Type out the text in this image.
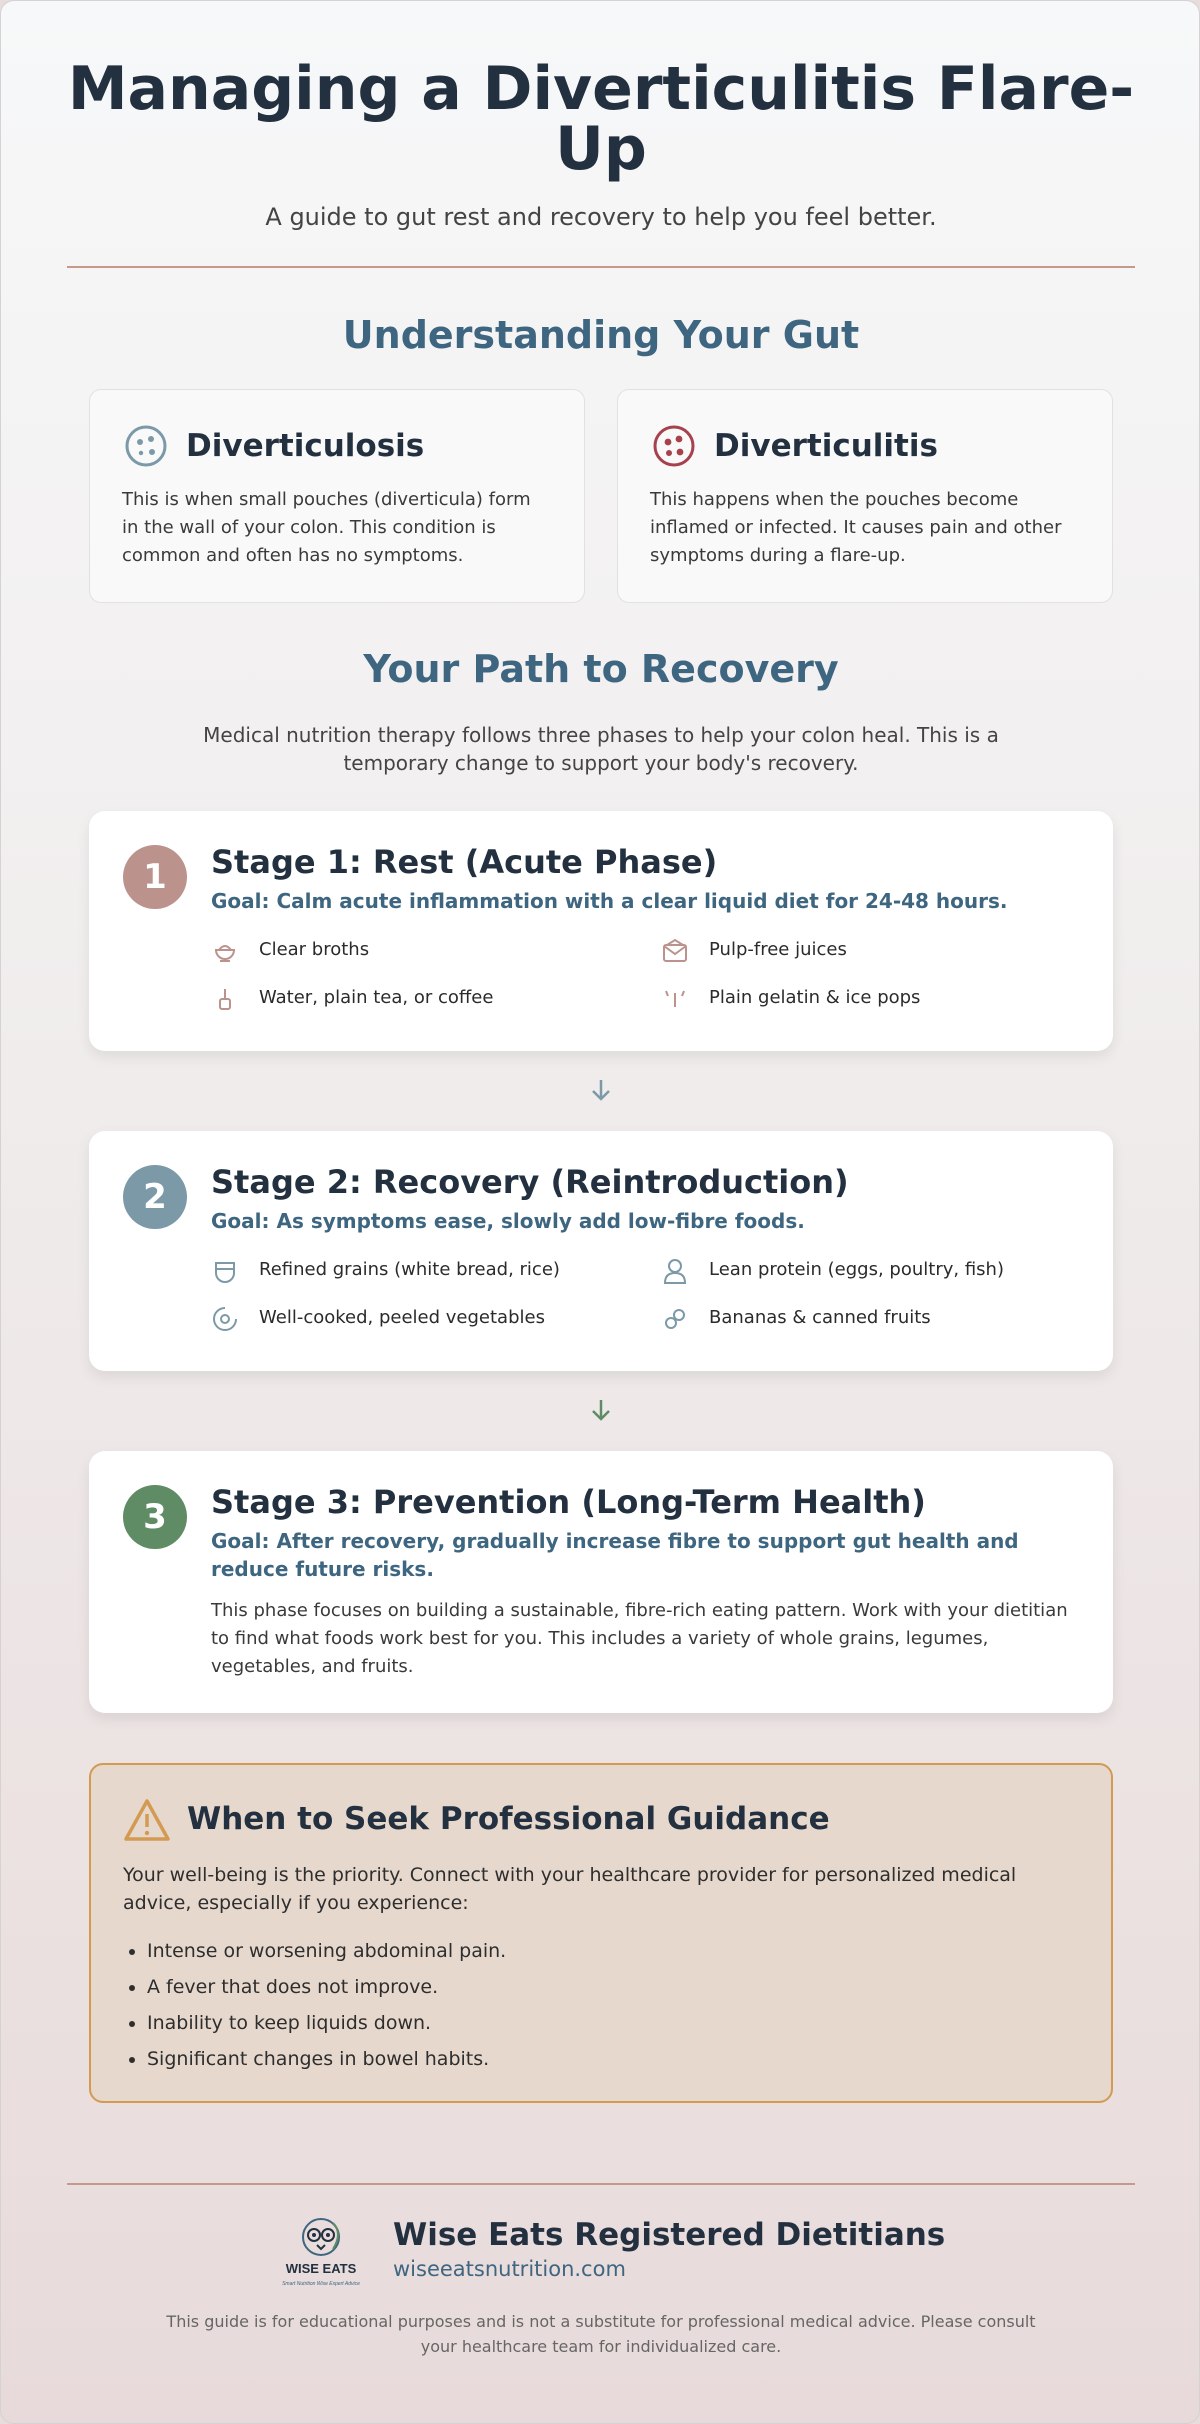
Managing a Diverticulitis Flare-
Up
A guide to gut rest and recovery to help you feel better.
Understanding Your Gut
Diverticulosis

This is when small pouches (diverticula) form in the wall of your colon. This condition is common and often has no symptoms.

Diverticulitis

This happens when the pouches become inflamed or infected. It causes pain and other symptoms during a flare-up.

Your Path to Recovery

Medical nutrition therapy follows three phases to help your colon heal. This is a temporary change to support your body's recovery.

1	Stage 1: Rest (Acute Phase)
Goal: Calm acute inflammation with a clear liquid diet for 24-48 hours.
Clear broths	Pulp-free juices
Water, plain tea, or coffee	Plain gelatin & ice pops
2	Stage 2: Recovery (Reintroduction)
Goal: As symptoms ease, slowly add low-fibre foods.
Refined grains (white bread, rice)	Lean protein (eggs, poultry, fish)
Well-cooked, peeled vegetables	Bananas & canned fruits
3	Stage 3: Prevention (Long-Term Health)
Goal: After recovery, gradually increase fibre to support gut health and reduce future risks.

This phase focuses on building a sustainable, fibre-rich eating pattern. Work with your dietitian to find what foods work best for you. This includes a variety of whole grains, legumes, vegetables, and fruits.

When to Seek Professional Guidance

Your well-being is the priority. Connect with your healthcare provider for personalized medical advice, especially if you experience:

• Intense or worsening abdominal pain.
• A fever that does not improve.
• Inability to keep liquids down.
• Significant changes in bowel habits.
WISE EATS
Smart Nutrition Wise Expert Advice
Wise Eats Registered Dietitians
wiseeatsnutrition.com

This guide is for educational purposes and is not a substitute for professional medical advice. Please consult your healthcare team for individualized care.
